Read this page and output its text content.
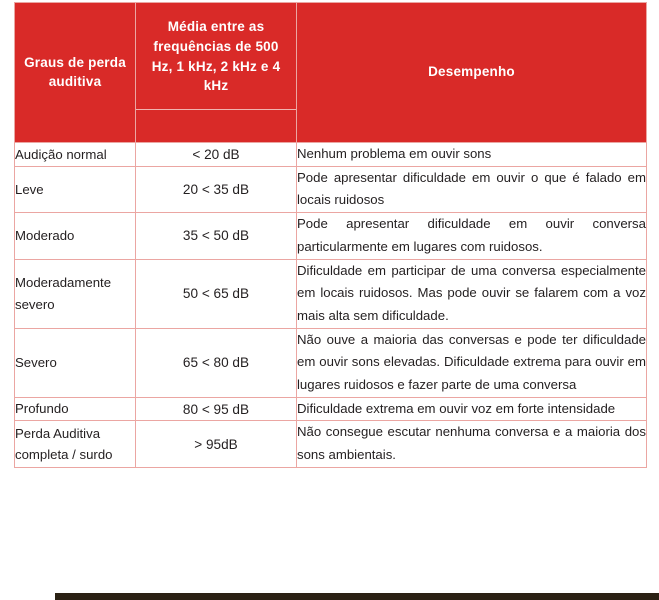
Graus de perda auditiva	Média entre as frequências de 500 Hz, 1 kHz, 2 kHz e 4 kHz	Desempenho
Audição normal	< 20 dB	Nenhum problema em ouvir sons
Leve	20 < 35 dB	Pode apresentar dificuldade em ouvir o que é falado em locais ruidosos
Moderado	35 < 50 dB	Pode apresentar dificuldade em ouvir conversa particularmente em lugares com ruidosos.
Moderadamente severo	50 < 65 dB	Dificuldade em participar de uma conversa especialmente em locais ruidosos. Mas pode ouvir se falarem com a voz mais alta sem dificuldade.
Severo	65 < 80 dB	Não ouve a maioria das conversas e pode ter dificuldade em ouvir sons elevadas. Dificuldade extrema para ouvir em lugares ruidosos e fazer parte de uma conversa
Profundo	80 < 95 dB	Dificuldade extrema em ouvir voz em forte intensidade
Perda Auditiva completa / surdo	> 95dB	Não consegue escutar nenhuma conversa e a maioria dos sons ambientais.
